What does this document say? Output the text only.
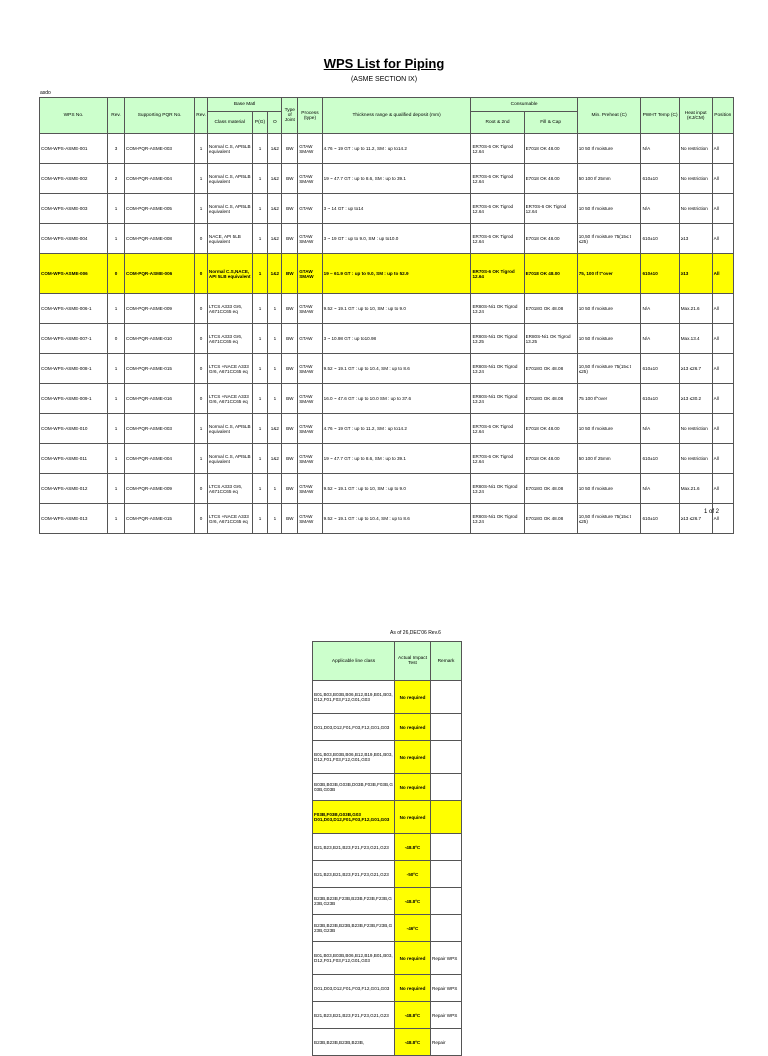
WPS List for Piping
(ASME SECTION IX)
asdo
WPS No.	Rev.	Supporting PQR No.	Rev.	Base Matl			Type of Joint	Process (type)	Thickness range & qualified deposit (mm)	Consumable		Min. Preheat (C)	PWHT Temp (C)	Heat input (KJ/CM)	Position
				Class material	P(G)	O				Root & 2nd	Fill & Cap				
COM-WPS-ASME-001	3	COM-PQR-ASME-003	1	Normal C.S, API5LB equivalent	1	1&2	BW	GTAW SMAW	4.76 ~ 19 GT : up to 11.2, SM : up to14.2	ER70S-6 OK Tigrod 12.64	E7018 OK 48.00	10 50 If moisture	N/A	No restriction	All
COM-WPS-ASME-002	2	COM-PQR-ASME-004	1	Normal C.S, API5LB equivalent	1	1&2	BW	GTAW SMAW	19 ~ 47.7 GT : up to 8.6, SM : up to 39.1	ER70S-6 OK Tigrod 12.64	E7018 OK 48.00	50 100 If 25mm	610±10	No restriction	All
COM-WPS-ASME-003	1	COM-PQR-ASME-005	1	Normal C.S, API5LB equivalent	1	1&2	BW	GTAW	3 ~ 14 GT : up to14	ER70S-6 OK Tigrod 12.64	ER70S-6 OK Tigrod 12.64	10 50 If moisture	N/A	No restriction	All
COM-WPS-ASME-004	1	COM-PQR-ASME-008	0	NACE, API 5LB equivalent	1	1&2	BW	GTAW SMAW	3 ~ 19 GT : up to 9.0, SM : up to10.0	ER70S-6 OK Tigrod 12.64	E7018 OK 48.00	10,50 If moisture 75(15≤ t ≤25)	610±10	≥13	All
COM-WPS-ASME-006	0	COM-PQR-ASME-006	0	Normal C.S,NACE, API 5LB equivalent	1	1&2	BW	GTAW SMAW	19 ~ 61.9 GT : up to 9.0, SM : up to 52.9	ER70S-6 OK Tigrod 12.64	E7018 OK 48.00	75, 100 If t"over	610±10	≥13	All
COM-WPS-ASME-006-1	1	COM-PQR-ASME-009	0	LTCS A333 Gr6, A671CC65 eq	1	1	BW	GTAW SMAW	9.52 ~ 19.1 GT : up to 10, SM : up to 9.0	ER80S-Ni1 OK Tigrod 13.24	E7018G OK 48.08	10 50 If moisture	N/A	Max.21.6	All
COM-WPS-ASME-007-1	0	COM-PQR-ASME-010	0	LTCS A333 Gr6, A671CC65 eq	1	1	BW	GTAW	3 ~ 10.98 GT : up to10.98	ER80S-Ni1 OK Tigrod 13.25	ER80S-Ni1 OK Tigrod 13.25	10 50 If moisture	N/A	Max.13.4	All
COM-WPS-ASME-008-1	1	COM-PQR-ASME-015	0	LTCS +NACE A333 Gr6, A671CC65 eq	1	1	BW	GTAW SMAW	9.52 ~ 19.1 GT : up to 10.4, SM : up to 8.6	ER80S-Ni1 OK Tigrod 13.24	E7018G OK 48.08	10,50 If moisture 75(15≤ t ≤25)	610±10	≥13 ≤26.7	All
COM-WPS-ASME-009-1	1	COM-PQR-ASME-016	0	LTCS +NACE A333 Gr6, A671CC65 eq	1	1	BW	GTAW SMAW	16.0 ~ 47.6 GT : up to 10.0 SM : up to 37.6	ER80S-Ni1 OK Tigrod 13.24	E7018G OK 48.08	75 100 If"over	610±10	≥13 ≤30.2	All
COM-WPS-ASME-010	1	COM-PQR-ASME-003	1	Normal C.S, API5LB equivalent	1	1&2	BW	GTAW SMAW	4.76 ~ 19 GT : up to 11.2, SM : up to14.2	ER70S-6 OK Tigrod 12.64	E7018 OK 48.00	10 50 If moisture	N/A	No restriction	All
COM-WPS-ASME-011	1	COM-PQR-ASME-004	1	Normal C.S, API5LB equivalent	1	1&2	BW	GTAW SMAW	19 ~ 47.7 GT : up to 8.6, SM : up to 39.1	ER70S-6 OK Tigrod 12.64	E7018 OK 48.00	50 100 If 25mm	610±10	No restriction	All
COM-WPS-ASME-012	1	COM-PQR-ASME-009	0	LTCS A333 Gr6, A671CC65 eq	1	1	BW	GTAW SMAW	9.52 ~ 19.1 GT : up to 10, SM : up to 9.0	ER80S-Ni1 OK Tigrod 13.24	E7018G OK 48.08	10 50 If moisture	N/A	Max.21.6	All
COM-WPS-ASME-013	1	COM-PQR-ASME-015	0	LTCS +NACE A333 Gr6, A671CC65 eq	1	1	BW	GTAW SMAW	9.52 ~ 19.1 GT : up to 10.4, SM : up to 8.6	ER80S-Ni1 OK Tigrod 13.24	E7018G OK 48.08	10,50 If moisture 75(15≤ t ≤25)	610±10	≥13 ≤26.7	All
1 of 2
As of 26,DEC'06 Rev.6
Applicable line class	Actual Impact Test	Remark
B01,B03,B03B,B06,B12,B19,B01,B03,D12,F01,F03,F12,G01,G03	No required	
D01,D03,D12,F01,F03,F12,G01,G03	No required	
B01,B03,B03B,B06,B12,B19,B01,B03,D12,F01,F03,F12,G01,G03	No required	
B03B,B03B,G03B,D03B,F03B,F03B,G03B,G03B	No required	
F03B,F03B,G03B,G03 D01,D03,D12,F01,F03,F12,G01,G03	No required	
B21,B23,B21,B23,F21,F23,G21,G23	-48.8ºC	
B21,B23,B21,B23,F21,F23,G21,G23	-50ºC	
B23B,B23B,F23B,B23B,F23B,F23B,G23B,G23B	-48.8ºC	
B23B,B23B,B23B,B23B,F23B,F23B,G23B,G23B	-46ºC	
B01,B03,B03B,B06,B12,B19,B01,B03,D12,F01,F03,F12,G01,G03	No required	Repair WPS
D01,D03,D12,F01,F03,F12,G01,G03	No required	Repair WPS
B21,B23,B21,B23,F21,F23,G21,G23	-48.8ºC	Repair WPS
B23B,B23B,B23B,B23B,	-48.8ºC	Repair
